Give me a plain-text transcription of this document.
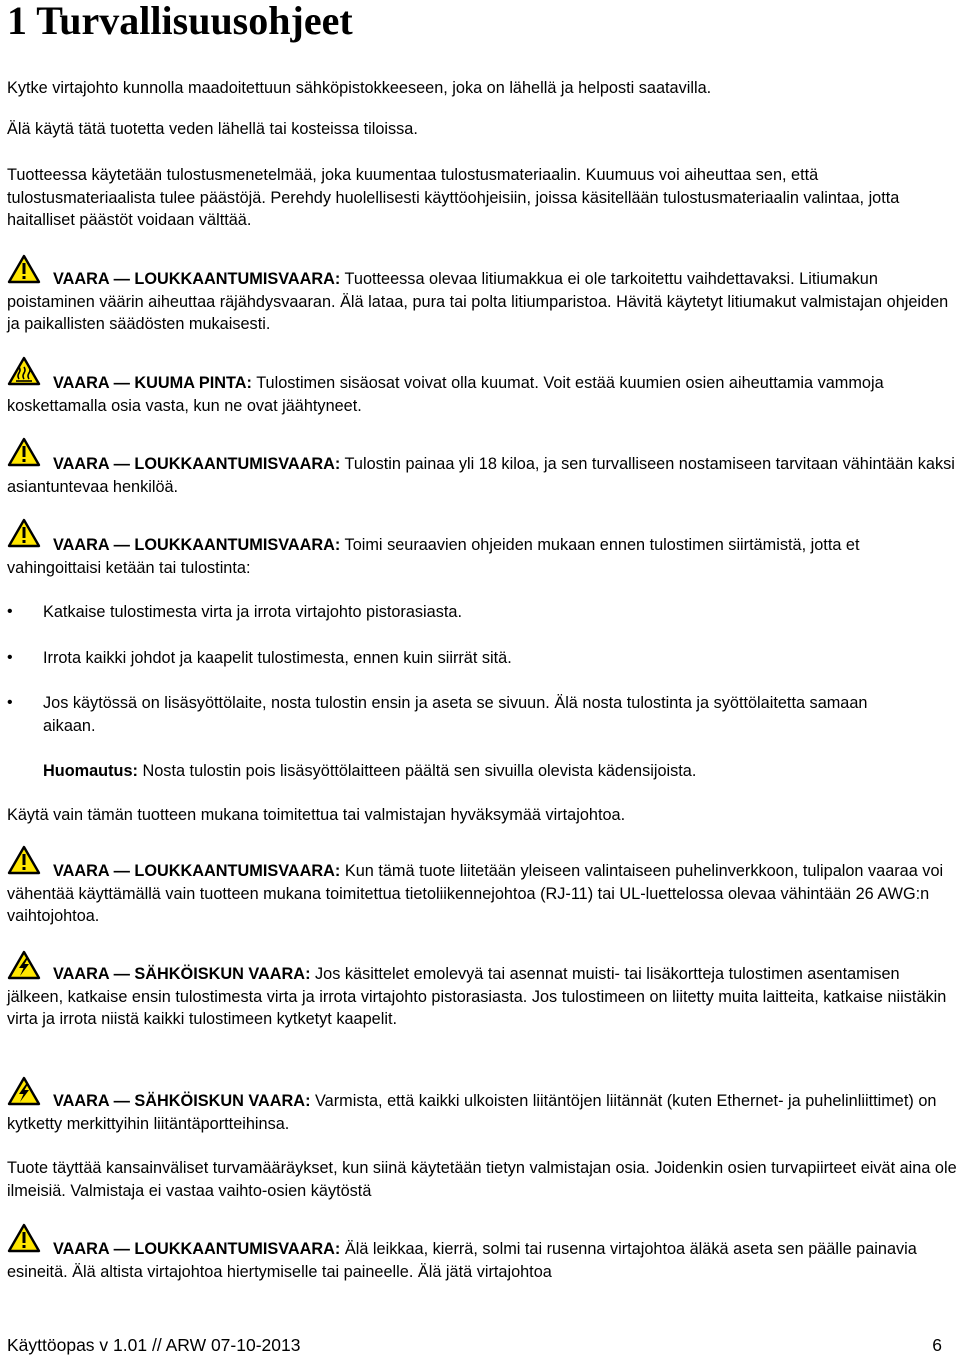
1 Turvallisuusohjeet

Kytke virtajohto kunnolla maadoitettuun sähköpistokkeeseen, joka on lähellä ja helposti saatavilla.

Älä käytä tätä tuotetta veden lähellä tai kosteissa tiloissa.

Tuotteessa käytetään tulostusmenetelmää, joka kuumentaa tulostusmateriaalin. Kuumuus voi aiheuttaa sen, että tulostusmateriaalista tulee päästöjä. Perehdy huolellisesti käyttöohjeisiin, joissa käsitellään tulostusmateriaalin valintaa, jotta haitalliset päästöt voidaan välttää.

VAARA — LOUKKAANTUMISVAARA: Tuotteessa olevaa litiumakkua ei ole tarkoitettu vaihdettavaksi. Litiumakun poistaminen väärin aiheuttaa räjähdysvaaran. Älä lataa, pura tai polta litiumparistoa. Hävitä käytetyt litiumakut valmistajan ohjeiden ja paikallisten säädösten mukaisesti.

VAARA — KUUMA PINTA: Tulostimen sisäosat voivat olla kuumat. Voit estää kuumien osien aiheuttamia vammoja koskettamalla osia vasta, kun ne ovat jäähtyneet.

VAARA — LOUKKAANTUMISVAARA: Tulostin painaa yli 18 kiloa, ja sen turvalliseen nostamiseen tarvitaan vähintään kaksi asiantuntevaa henkilöä.

VAARA — LOUKKAANTUMISVAARA: Toimi seuraavien ohjeiden mukaan ennen tulostimen siirtämistä, jotta et vahingoittaisi ketään tai tulostinta:

• Katkaise tulostimesta virta ja irrota virtajohto pistorasiasta.

• Irrota kaikki johdot ja kaapelit tulostimesta, ennen kuin siirrät sitä.

• Jos käytössä on lisäsyöttölaite, nosta tulostin ensin ja aseta se sivuun. Älä nosta tulostinta ja syöttölaitetta samaan aikaan.

Huomautus: Nosta tulostin pois lisäsyöttölaitteen päältä sen sivuilla olevista kädensijoista.

Käytä vain tämän tuotteen mukana toimitettua tai valmistajan hyväksymää virtajohtoa.

VAARA — LOUKKAANTUMISVAARA: Kun tämä tuote liitetään yleiseen valintaiseen puhelinverkkoon, tulipalon vaaraa voi vähentää käyttämällä vain tuotteen mukana toimitettua tietoliikennejohtoa (RJ-11) tai UL-luettelossa olevaa vähintään 26 AWG:n vaihtojohtoa.

VAARA — SÄHKÖISKUN VAARA: Jos käsittelet emolevyä tai asennat muisti- tai lisäkortteja tulostimen asentamisen jälkeen, katkaise ensin tulostimesta virta ja irrota virtajohto pistorasiasta. Jos tulostimeen on liitetty muita laitteita, katkaise niistäkin virta ja irrota niistä kaikki tulostimeen kytketyt kaapelit.

VAARA — SÄHKÖISKUN VAARA: Varmista, että kaikki ulkoisten liitäntöjen liitännät (kuten Ethernet- ja puhelinliittimet) on kytketty merkittyihin liitäntäportteihinsa.

Tuote täyttää kansainväliset turvamääräykset, kun siinä käytetään tietyn valmistajan osia. Joidenkin osien turvapiirteet eivät aina ole ilmeisiä. Valmistaja ei vastaa vaihto-osien käytöstä

VAARA — LOUKKAANTUMISVAARA: Älä leikkaa, kierrä, solmi tai rusenna virtajohtoa äläkä aseta sen päälle painavia esineitä. Älä altista virtajohtoa hiertymiselle tai paineelle. Älä jätä virtajohtoa

Käyttöopas v 1.01 // ARW 07-10-2013	6
